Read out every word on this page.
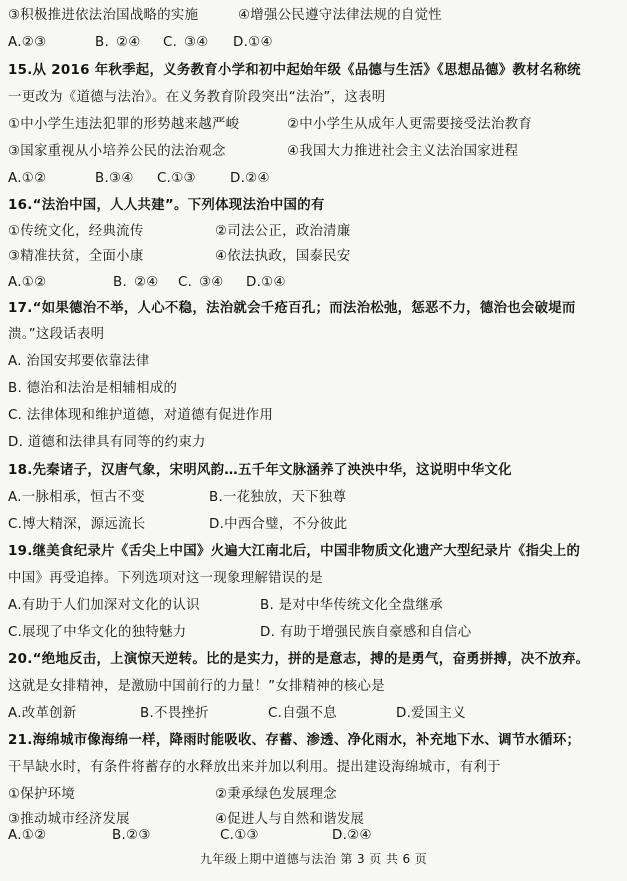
③积极推进依法治国战略的实施	④增强公民遵守法律法规的自觉性
A.②③	B. ②④ C. ③④ D.①④
15.从 2016 年秋季起，义务教育小学和初中起始年级《品德与生活》《思想品德》教材名称统
一更改为《道德与法治》。在义务教育阶段突出“法治”，这表明
①中小学生违法犯罪的形势越来越严峻	②中小学生从成年人更需要接受法治教育
③国家重视从小培养公民的法治观念	④我国大力推进社会主义法治国家进程
A.①②	B.③④ C.①③	D.②④
16.“法治中国，人人共建”。下列体现法治中国的有
①传统文化，经典流传	②司法公正，政治清廉
③精准扶贫，全面小康	④依法执政，国泰民安
A.①②	B. ②④ C. ③④ D.①④
17.“如果德治不举，人心不稳，法治就会千疮百孔；而法治松弛，惩恶不力，德治也会破堤而
溃。”这段话表明
A. 治国安邦要依靠法律
B. 德治和法治是相辅相成的
C. 法律体现和维护道德，对道德有促进作用
D. 道德和法律具有同等的约束力
18.先秦诸子，汉唐气象，宋明风韵…五千年文脉涵养了泱泱中华，这说明中华文化
A.一脉相承，恒古不变	B.一花独放，天下独尊
C.博大精深，源远流长	D.中西合璧，不分彼此
19.继美食纪录片《舌尖上中国》火遍大江南北后，中国非物质文化遗产大型纪录片《指尖上的
中国》再受追捧。下列选项对这一现象理解错误的是
A.有助于人们加深对文化的认识	B. 是对中华传统文化全盘继承
C.展现了中华文化的独特魅力	D. 有助于增强民族自豪感和自信心
20.“绝地反击，上演惊天逆转。比的是实力，拼的是意志，搏的是勇气，奋勇拼搏，决不放弃。
这就是女排精神，是激励中国前行的力量！”女排精神的核心是
A.改革创新	B.不畏挫折	C.自强不息	D.爱国主义
21.海绵城市像海绵一样，降雨时能吸收、存蓄、渗透、净化雨水，补充地下水、调节水循环；
干旱缺水时，有条件将蓄存的水释放出来并加以利用。提出建设海绵城市，有利于
①保护环境	②秉承绿色发展理念
③推动城市经济发展	④促进人与自然和谐发展
A.①②	B.②③	C.①③	D.②④
九年级上期中道德与法治 第 3 页 共 6 页
